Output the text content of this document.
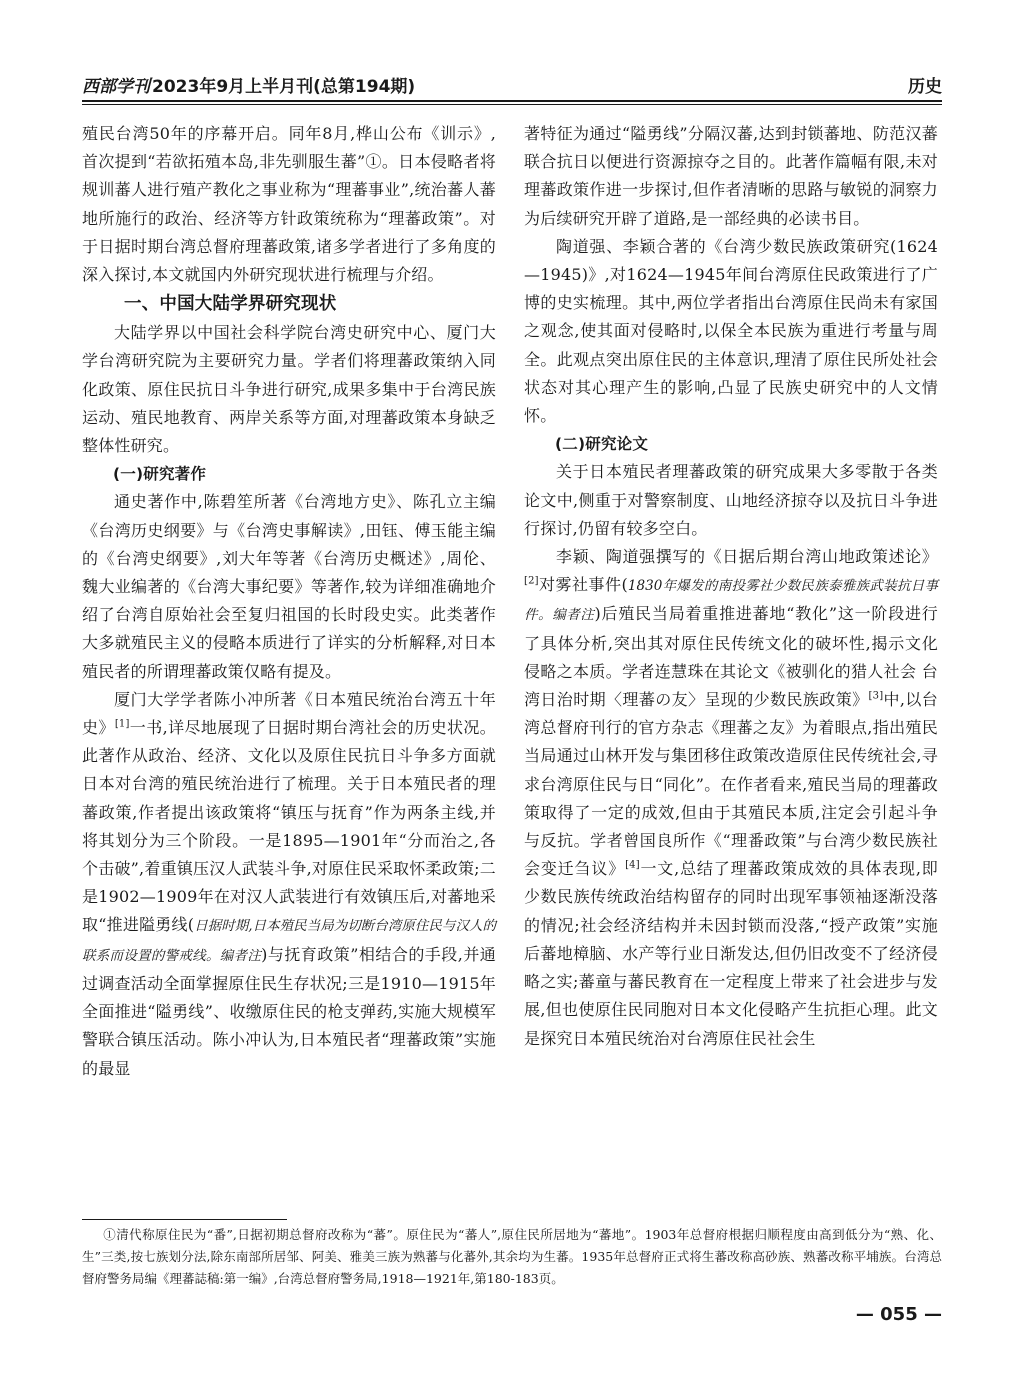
西部学刊 2023年9月上半月刊(总第194期)	历史

殖民台湾50年的序幕开启。同年8月,桦山公布《训示》,首次提到“若欲拓殖本岛,非先驯服生蕃”①。日本侵略者将规训蕃人进行殖产教化之事业称为“理蕃事业”,统治蕃人蕃地所施行的政治、经济等方针政策统称为“理蕃政策”。对于日据时期台湾总督府理蕃政策,诸多学者进行了多角度的深入探讨,本文就国内外研究现状进行梳理与介绍。

一、中国大陆学界研究现状

大陆学界以中国社会科学院台湾史研究中心、厦门大学台湾研究院为主要研究力量。学者们将理蕃政策纳入同化政策、原住民抗日斗争进行研究,成果多集中于台湾民族运动、殖民地教育、两岸关系等方面,对理蕃政策本身缺乏整体性研究。

(一)研究著作

通史著作中,陈碧笙所著《台湾地方史》、陈孔立主编《台湾历史纲要》与《台湾史事解读》,田钰、傅玉能主编的《台湾史纲要》,刘大年等著《台湾历史概述》,周伦、魏大业编著的《台湾大事纪要》等著作,较为详细准确地介绍了台湾自原始社会至复归祖国的长时段史实。此类著作大多就殖民主义的侵略本质进行了详实的分析解释,对日本殖民者的所谓理蕃政策仅略有提及。

厦门大学学者陈小冲所著《日本殖民统治台湾五十年史》[1]一书,详尽地展现了日据时期台湾社会的历史状况。此著作从政治、经济、文化以及原住民抗日斗争多方面就日本对台湾的殖民统治进行了梳理。关于日本殖民者的理蕃政策,作者提出该政策将“镇压与抚育”作为两条主线,并将其划分为三个阶段。一是1895—1901年“分而治之,各个击破”,着重镇压汉人武装斗争,对原住民采取怀柔政策;二是1902—1909年在对汉人武装进行有效镇压后,对蕃地采取“推进隘勇线(日据时期,日本殖民当局为切断台湾原住民与汉人的联系而设置的警戒线。编者注)与抚育政策”相结合的手段,并通过调查活动全面掌握原住民生存状况;三是1910—1915年全面推进“隘勇线”、收缴原住民的枪支弹药,实施大规模军警联合镇压活动。陈小冲认为,日本殖民者“理蕃政策”实施的最显

著特征为通过“隘勇线”分隔汉蕃,达到封锁蕃地、防范汉蕃联合抗日以便进行资源掠夺之目的。此著作篇幅有限,未对理蕃政策作进一步探讨,但作者清晰的思路与敏锐的洞察力为后续研究开辟了道路,是一部经典的必读书目。

陶道强、李颖合著的《台湾少数民族政策研究(1624—1945)》,对1624—1945年间台湾原住民政策进行了广博的史实梳理。其中,两位学者指出台湾原住民尚未有家国之观念,使其面对侵略时,以保全本民族为重进行考量与周全。此观点突出原住民的主体意识,理清了原住民所处社会状态对其心理产生的影响,凸显了民族史研究中的人文情怀。

(二)研究论文

关于日本殖民者理蕃政策的研究成果大多零散于各类论文中,侧重于对警察制度、山地经济掠夺以及抗日斗争进行探讨,仍留有较多空白。

李颖、陶道强撰写的《日据后期台湾山地政策述论》[2]对雾社事件(1830年爆发的南投雾社少数民族泰雅族武装抗日事件。编者注)后殖民当局着重推进蕃地“教化”这一阶段进行了具体分析,突出其对原住民传统文化的破坏性,揭示文化侵略之本质。学者连慧珠在其论文《被驯化的猎人社会 台湾日治时期〈理蕃の友〉呈现的少数民族政策》[3]中,以台湾总督府刊行的官方杂志《理蕃之友》为着眼点,指出殖民当局通过山林开发与集团移住政策改造原住民传统社会,寻求台湾原住民与日“同化”。在作者看来,殖民当局的理蕃政策取得了一定的成效,但由于其殖民本质,注定会引起斗争与反抗。学者曾国良所作《“理番政策”与台湾少数民族社会变迁刍议》[4]一文,总结了理蕃政策成效的具体表现,即少数民族传统政治结构留存的同时出现军事领袖逐渐没落的情况;社会经济结构并未因封锁而没落,“授产政策”实施后蕃地樟脑、水产等行业日渐发达,但仍旧改变不了经济侵略之实;蕃童与蕃民教育在一定程度上带来了社会进步与发展,但也使原住民同胞对日本文化侵略产生抗拒心理。此文是探究日本殖民统治对台湾原住民社会生

①清代称原住民为“番”,日据初期总督府改称为“蕃”。原住民为“蕃人”,原住民所居地为“蕃地”。1903年总督府根据归顺程度由高到低分为“熟、化、生”三类,按七族划分法,除东南部所居邹、阿美、雅美三族为熟蕃与化蕃外,其余均为生蕃。1935年总督府正式将生蕃改称高砂族、熟蕃改称平埔族。台湾总督府警务局编《理蕃誌稿:第一编》,台湾总督府警务局,1918—1921年,第180-183页。
— 055 —
